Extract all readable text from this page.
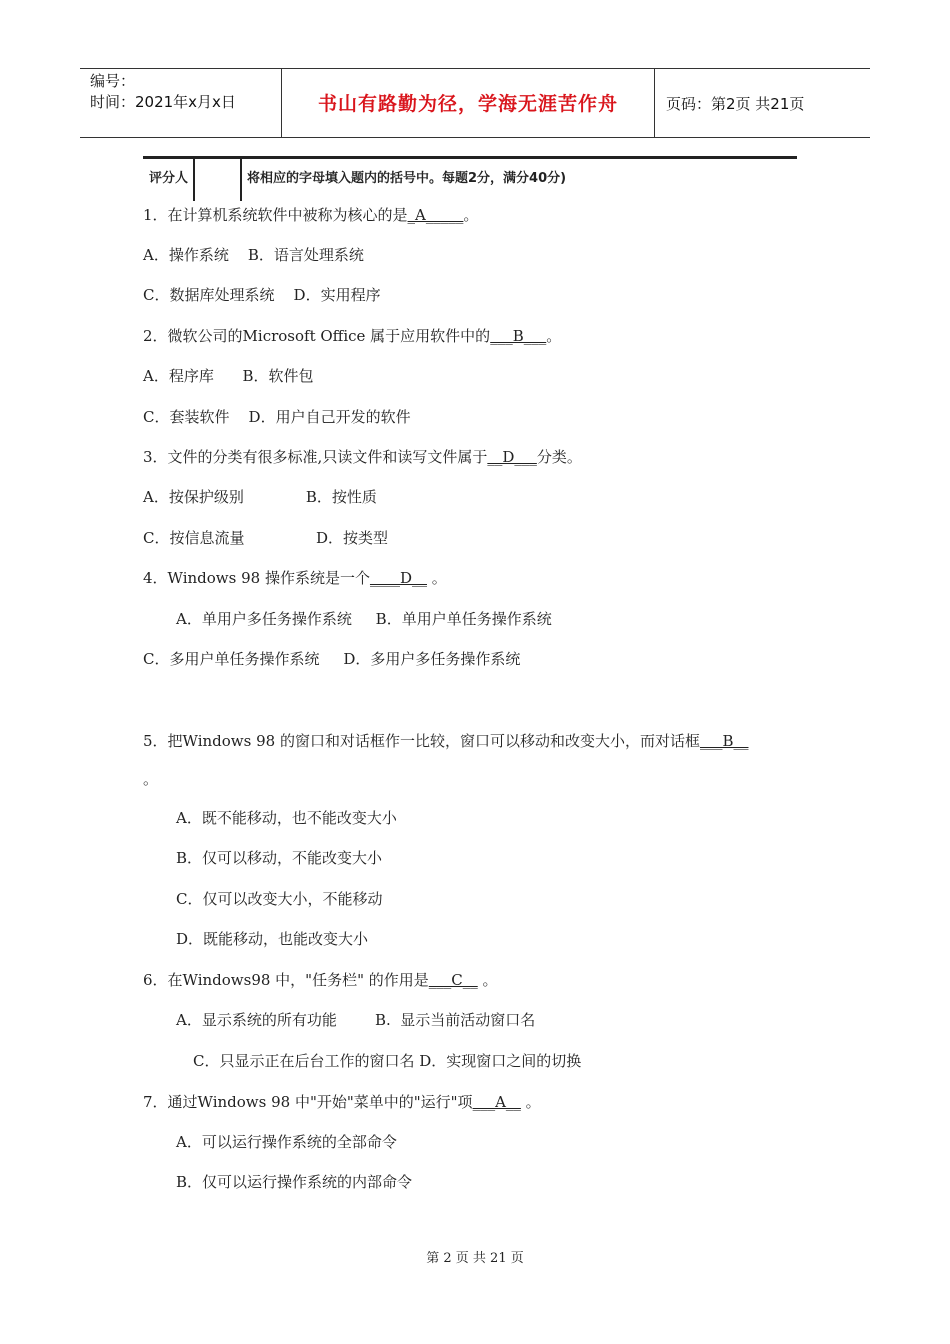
编号：
时间：2021年x月x日	书山有路勤为径，学海无涯苦作舟	页码：第2页 共21页
评分人	将相应的字母填入题内的括号中。每题2分，满分40分)
1．在计算机系统软件中被称为核心的是_A_____。
A．操作系统    B．语言处理系统
C．数据库处理系统    D．实用程序
2．微软公司的Microsoft Office 属于应用软件中的___B___。
A．程序库      B．软件包
C．套装软件    D．用户自己开发的软件
3．文件的分类有很多标准,只读文件和读写文件属于__D___分类。
A．按保护级别             B．按性质
C．按信息流量               D．按类型
4．Windows 98 操作系统是一个____D__ 。
A．单用户多任务操作系统     B．单用户单任务操作系统
C．多用户单任务操作系统     D．多用户多任务操作系统
5．把Windows 98 的窗口和对话框作一比较，窗口可以移动和改变大小，而对话框___B__
。
A．既不能移动，也不能改变大小
B．仅可以移动，不能改变大小
C．仅可以改变大小，不能移动
D．既能移动，也能改变大小
6．在Windows98 中，"任务栏" 的作用是___C__ 。
A．显示系统的所有功能        B.  显示当前活动窗口名
C．只显示正在后台工作的窗口名 D．实现窗口之间的切换
7．通过Windows 98 中"开始"菜单中的"运行"项___A__ 。
A．可以运行操作系统的全部命令
B．仅可以运行操作系统的内部命令
第 2 页 共 21 页
